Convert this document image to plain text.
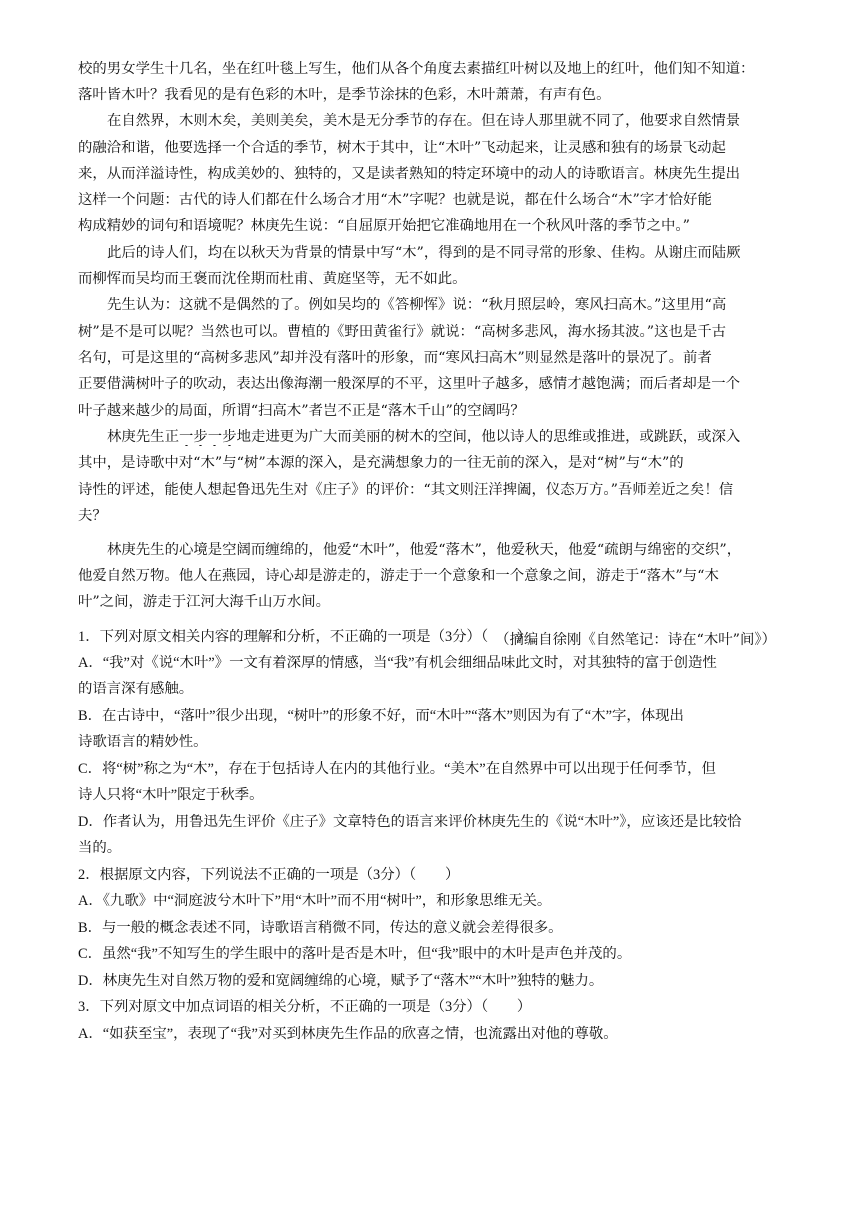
校的男女学生十几名，坐在红叶毯上写生，他们从各个角度去素描红叶树以及地上的红叶，他们知不知道：
落叶皆木叶？我看见的是有色彩的木叶，是季节涂抹的色彩，木叶萧萧，有声有色。
在自然界，木则木矣，美则美矣，美木是无分季节的存在。但在诗人那里就不同了，他要求自然情景
的融洽和谐，他要选择一个合适的季节，树木于其中，让“木叶”飞动起来，让灵感和独有的场景飞动起
来，从而洋溢诗性，构成美妙的、独特的，又是读者熟知的特定环境中的动人的诗歌语言。林庚先生提出
这样一个问题：古代的诗人们都在什么场合才用“木”字呢？也就是说，都在什么场合“木”字才恰好能
构成精妙的词句和语境呢？林庚先生说：“自屈原开始把它准确地用在一个秋风叶落的季节之中。”
此后的诗人们，均在以秋天为背景的情景中写“木”，得到的是不同寻常的形象、佳构。从谢庄而陆厥
而柳恽而吴均而王褒而沈佺期而杜甫、黄庭坚等，无不如此。
先生认为：这就不是偶然的了。例如吴均的《答柳恽》说：“秋月照层岭，寒风扫高木。”这里用“高
树”是不是可以呢？当然也可以。曹植的《野田黄雀行》就说：“高树多悲风，海水扬其波。”这也是千古
名句，可是这里的“高树多悲风”却并没有落叶的形象，而“寒风扫高木”则显然是落叶的景况了。前者
正要借满树叶子的吹动，表达出像海潮一般深厚的不平，这里叶子越多，感情才越饱满；而后者却是一个
叶子越来越少的局面，所谓“扫高木”者岂不正是“落木千山”的空阔吗？
林庚先生正一步一步地走进更为广大而美丽的树木的空间，他以诗人的思维或推进，或跳跃，或深入
其中，是诗歌中对“木”与“树”本源的深入，是充满想象力的一往无前的深入，是对“树”与“木”的
诗性的评述，能使人想起鲁迅先生对《庄子》的评价：“其文则汪洋捭阖，仪态万方。”吾师差近之矣！信
夫？
林庚先生的心境是空阔而缠绵的，他爱“木叶”，他爱“落木”，他爱秋天，他爱“疏朗与绵密的交织”，
他爱自然万物。他人在燕园，诗心却是游走的，游走于一个意象和一个意象之间，游走于“落木”与“木
叶”之间，游走于江河大海千山万水间。
（摘编自徐刚《自然笔记：诗在“木叶”间》）
1．下列对原文相关内容的理解和分析，不正确的一项是（3分）（　　）
A．“我”对《说“木叶”》一文有着深厚的情感，当“我”有机会细细品味此文时，对其独特的富于创造性
的语言深有感触。
B．在古诗中，“落叶”很少出现，“树叶”的形象不好，而“木叶”“落木”则因为有了“木”字，体现出
诗歌语言的精妙性。
C．将“树”称之为“木”，存在于包括诗人在内的其他行业。“美木”在自然界中可以出现于任何季节，但
诗人只将“木叶”限定于秋季。
D．作者认为，用鲁迅先生评价《庄子》文章特色的语言来评价林庚先生的《说“木叶”》，应该还是比较恰
当的。
2．根据原文内容，下列说法不正确的一项是（3分）（　　）
A．《九歌》中“洞庭波兮木叶下”用“木叶”而不用“树叶”，和形象思维无关。
B．与一般的概念表述不同，诗歌语言稍微不同，传达的意义就会差得很多。
C．虽然“我”不知写生的学生眼中的落叶是否是木叶，但“我”眼中的木叶是声色并茂的。
D．林庚先生对自然万物的爱和宽阔缠绵的心境，赋予了“落木”“木叶”独特的魅力。
3．下列对原文中加点词语的相关分析，不正确的一项是（3分）（　　）
A．“如获至宝”，表现了“我”对买到林庚先生作品的欣喜之情，也流露出对他的尊敬。
